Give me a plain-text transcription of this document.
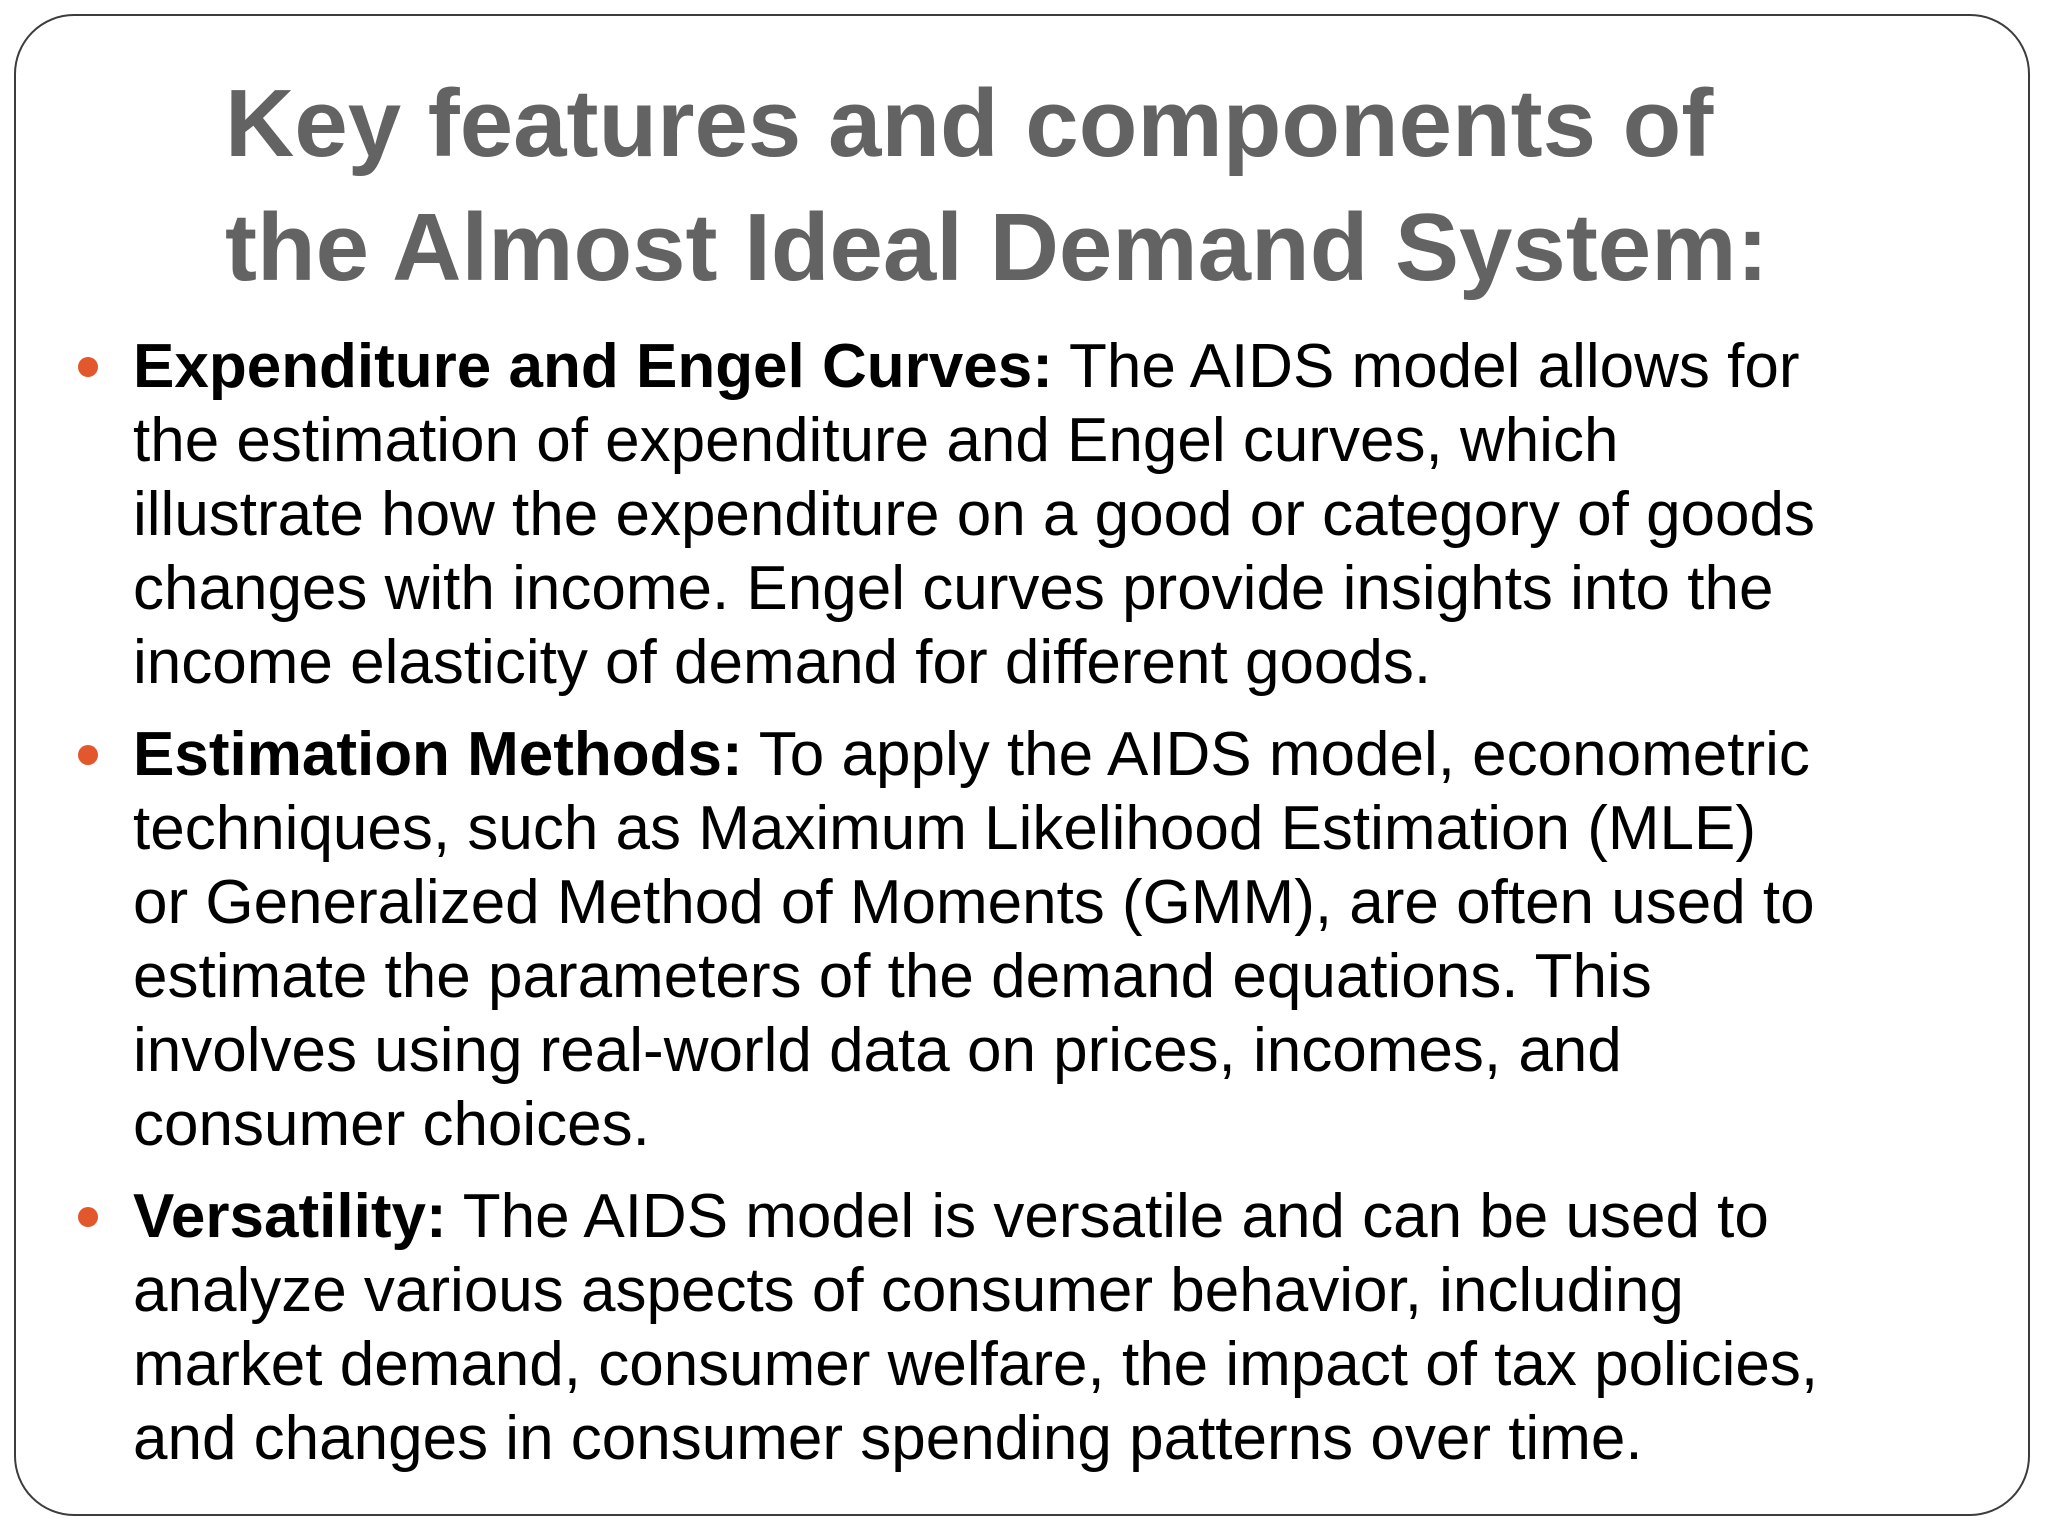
Key features and components of
the Almost Ideal Demand System:
Expenditure and Engel Curves: The AIDS model allows for
the estimation of expenditure and Engel curves, which
illustrate how the expenditure on a good or category of goods
changes with income. Engel curves provide insights into the
income elasticity of demand for different goods.
Estimation Methods: To apply the AIDS model, econometric
techniques, such as Maximum Likelihood Estimation (MLE)
or Generalized Method of Moments (GMM), are often used to
estimate the parameters of the demand equations. This
involves using real-world data on prices, incomes, and
consumer choices.
Versatility: The AIDS model is versatile and can be used to
analyze various aspects of consumer behavior, including
market demand, consumer welfare, the impact of tax policies,
and changes in consumer spending patterns over time.
